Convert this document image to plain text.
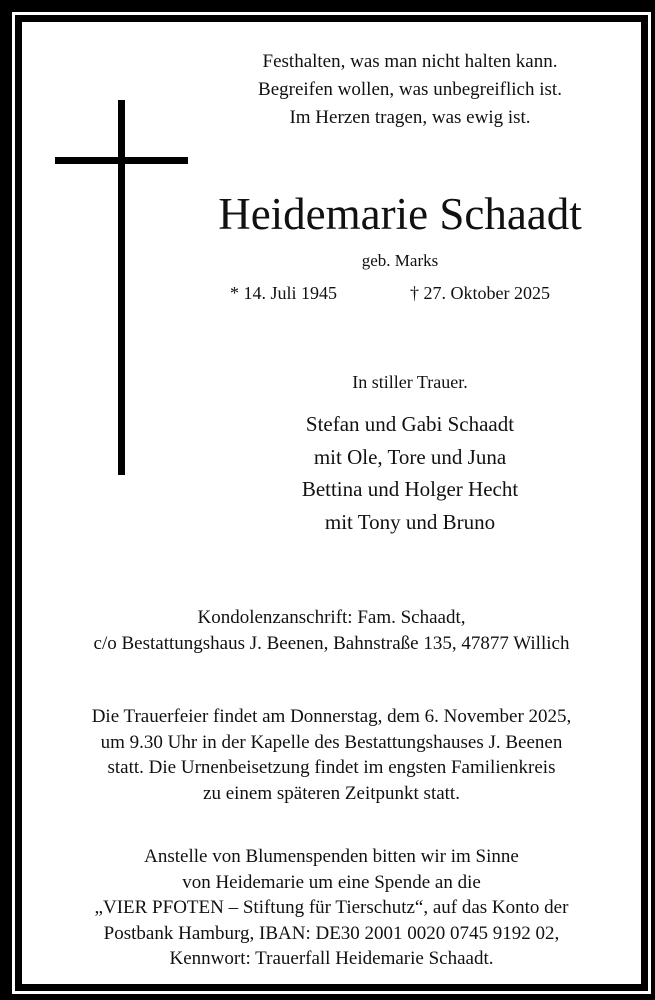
Festhalten, was man nicht halten kann.
Begreifen wollen, was unbegreiflich ist.
Im Herzen tragen, was ewig ist.
Heidemarie Schaadt
geb. Marks
* 14. Juli 1945	† 27. Oktober 2025
In stiller Trauer.
Stefan und Gabi Schaadt
mit Ole, Tore und Juna
Bettina und Holger Hecht
mit Tony und Bruno
Kondolenzanschrift: Fam. Schaadt,
c/o Bestattungshaus J. Beenen, Bahnstraße 135, 47877 Willich
Die Trauerfeier findet am Donnerstag, dem 6. November 2025,
um 9.30 Uhr in der Kapelle des Bestattungshauses J. Beenen
statt. Die Urnenbeisetzung findet im engsten Familienkreis
zu einem späteren Zeitpunkt statt.
Anstelle von Blumenspenden bitten wir im Sinne
von Heidemarie um eine Spende an die
„VIER PFOTEN – Stiftung für Tierschutz“, auf das Konto der
Postbank Hamburg, IBAN: DE30 2001 0020 0745 9192 02,
Kennwort: Trauerfall Heidemarie Schaadt.
